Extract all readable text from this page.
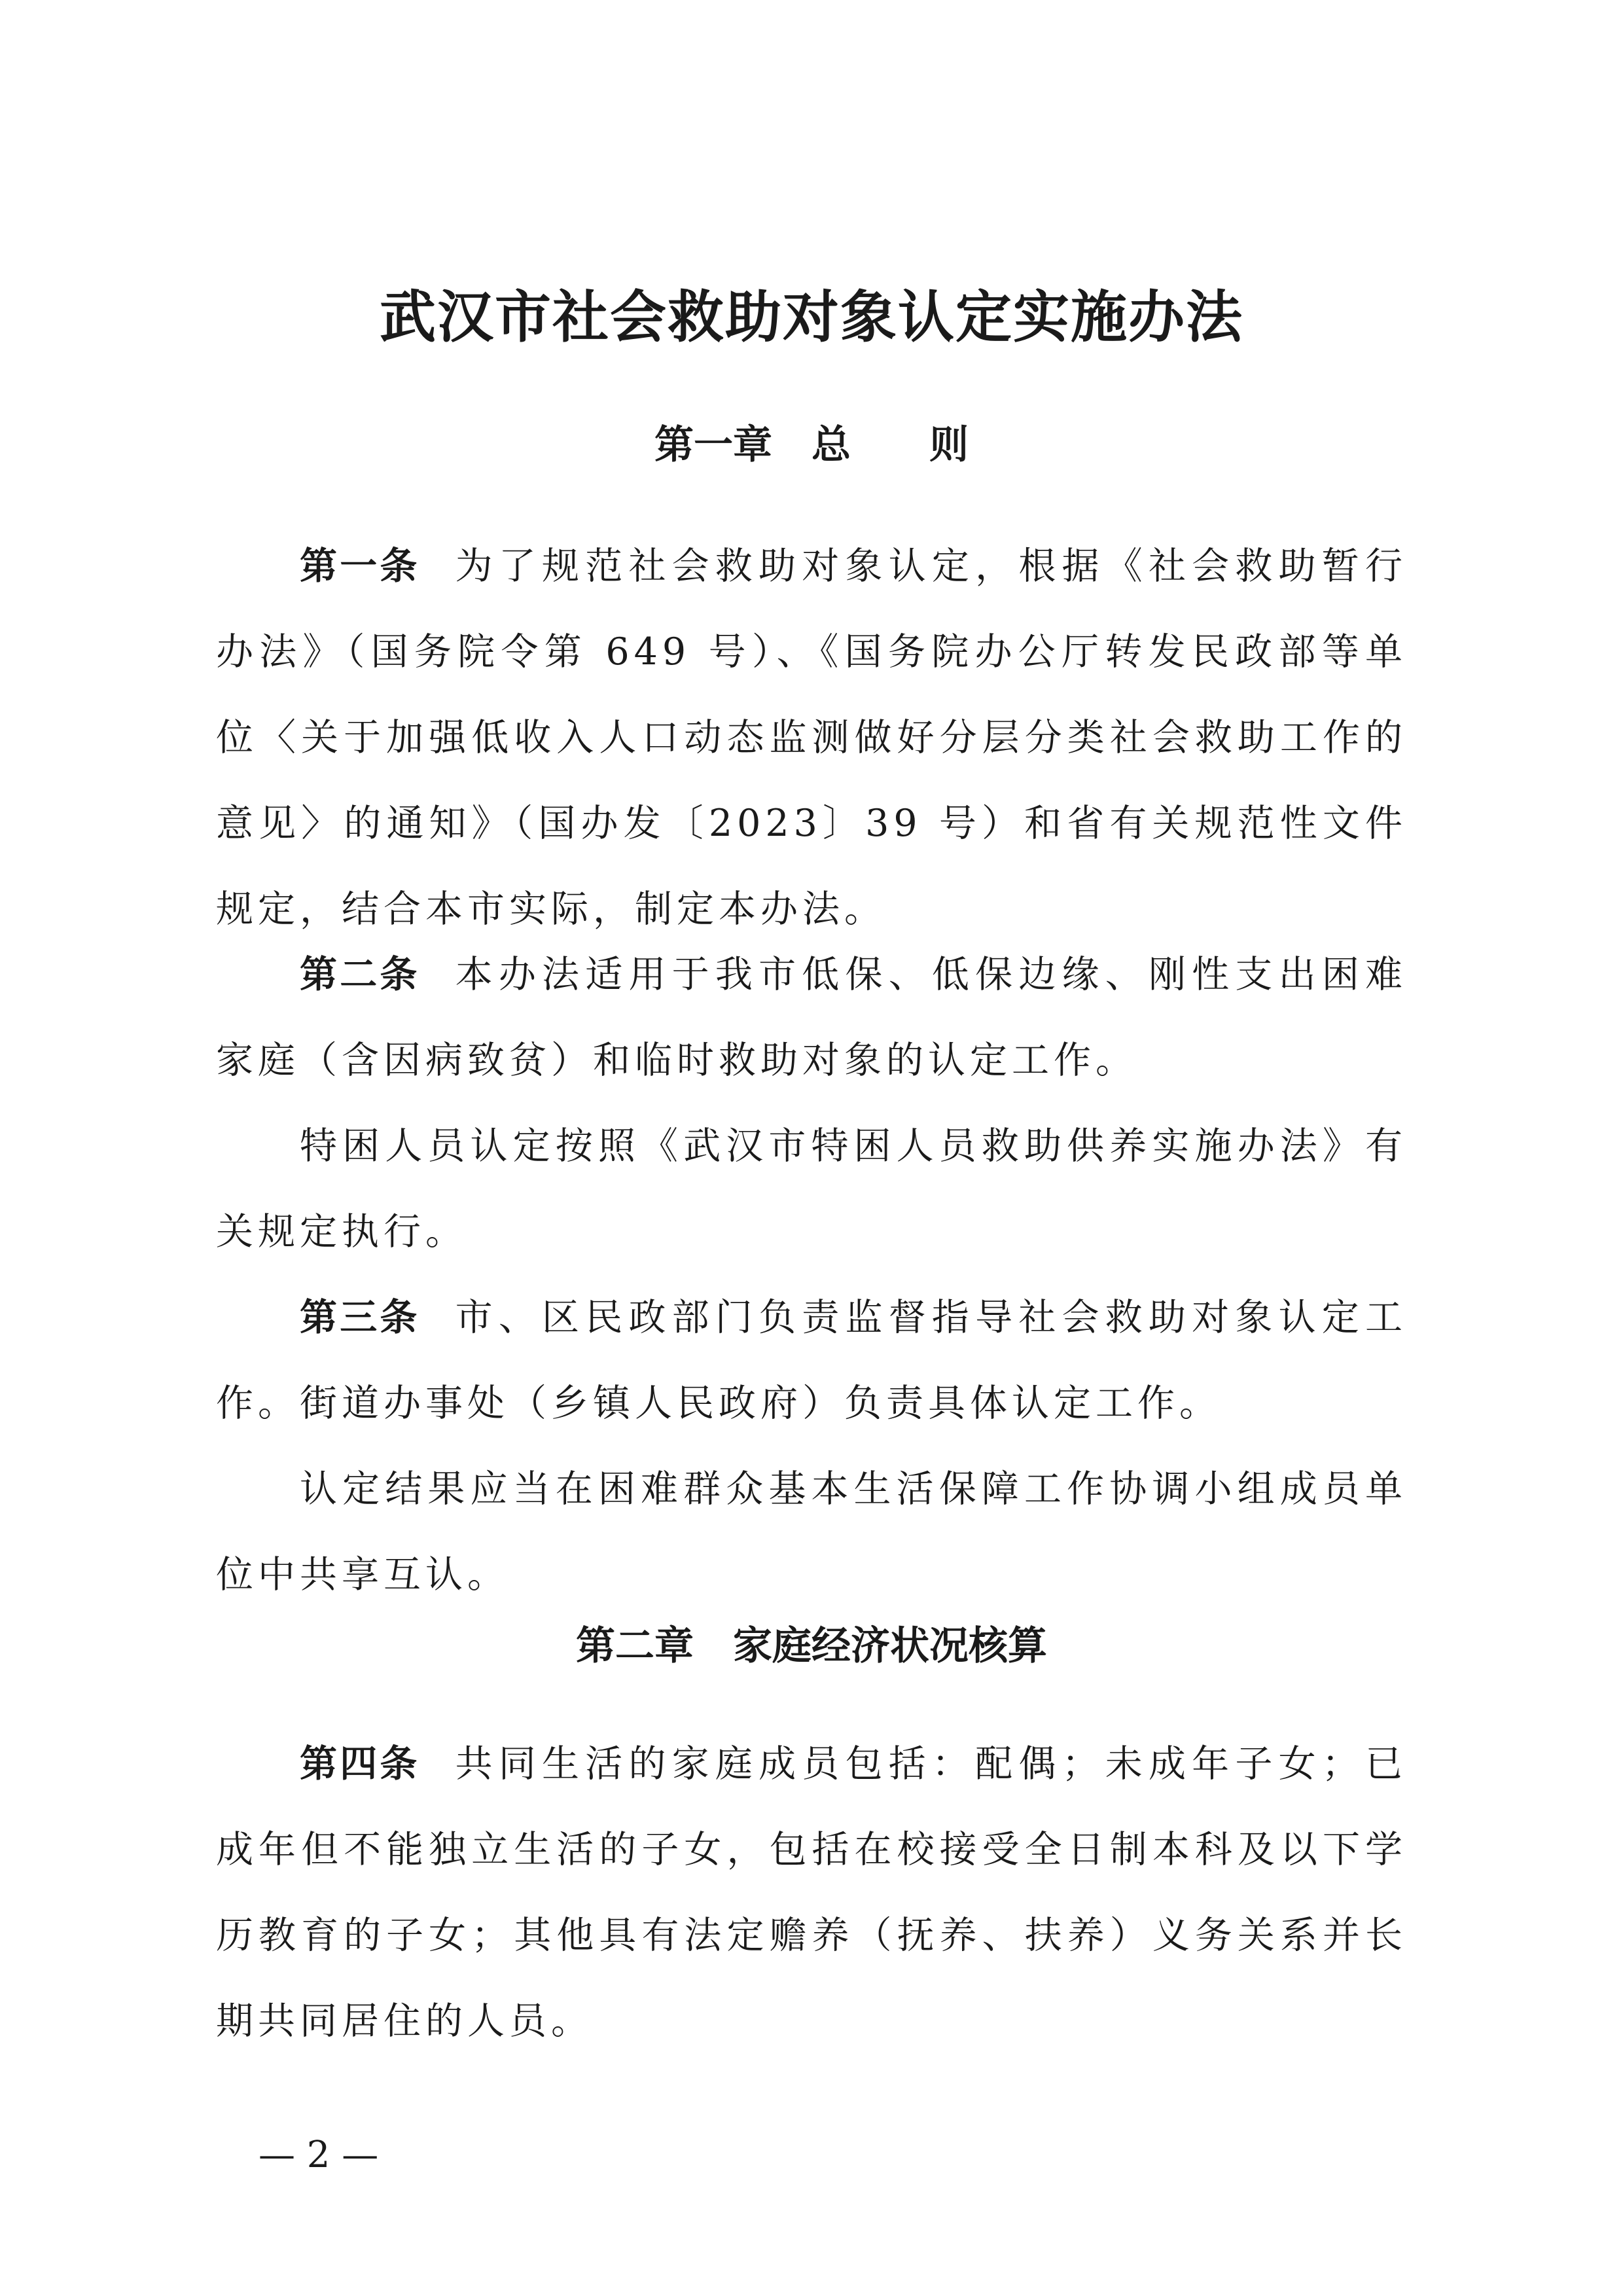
武汉市社会救助对象认定实施办法
第一章　总　　则

第一条 为了规范社会救助对象认定，根据《社会救助暂行办法》（国务院令第 649 号）、《国务院办公厅转发民政部等单位〈关于加强低收入人口动态监测做好分层分类社会救助工作的意见〉的通知》（国办发〔2023〕39 号）和省有关规范性文件规定，结合本市实际，制定本办法。

第二条 本办法适用于我市低保、低保边缘、刚性支出困难家庭（含因病致贫）和临时救助对象的认定工作。

特困人员认定按照《武汉市特困人员救助供养实施办法》有关规定执行。

第三条 市、区民政部门负责监督指导社会救助对象认定工作。街道办事处（乡镇人民政府）负责具体认定工作。

认定结果应当在困难群众基本生活保障工作协调小组成员单位中共享互认。

第二章　家庭经济状况核算

第四条 共同生活的家庭成员包括：配偶；未成年子女；已成年但不能独立生活的子女，包括在校接受全日制本科及以下学历教育的子女；其他具有法定赡养（抚养、扶养）义务关系并长期共同居住的人员。

— 2 —
